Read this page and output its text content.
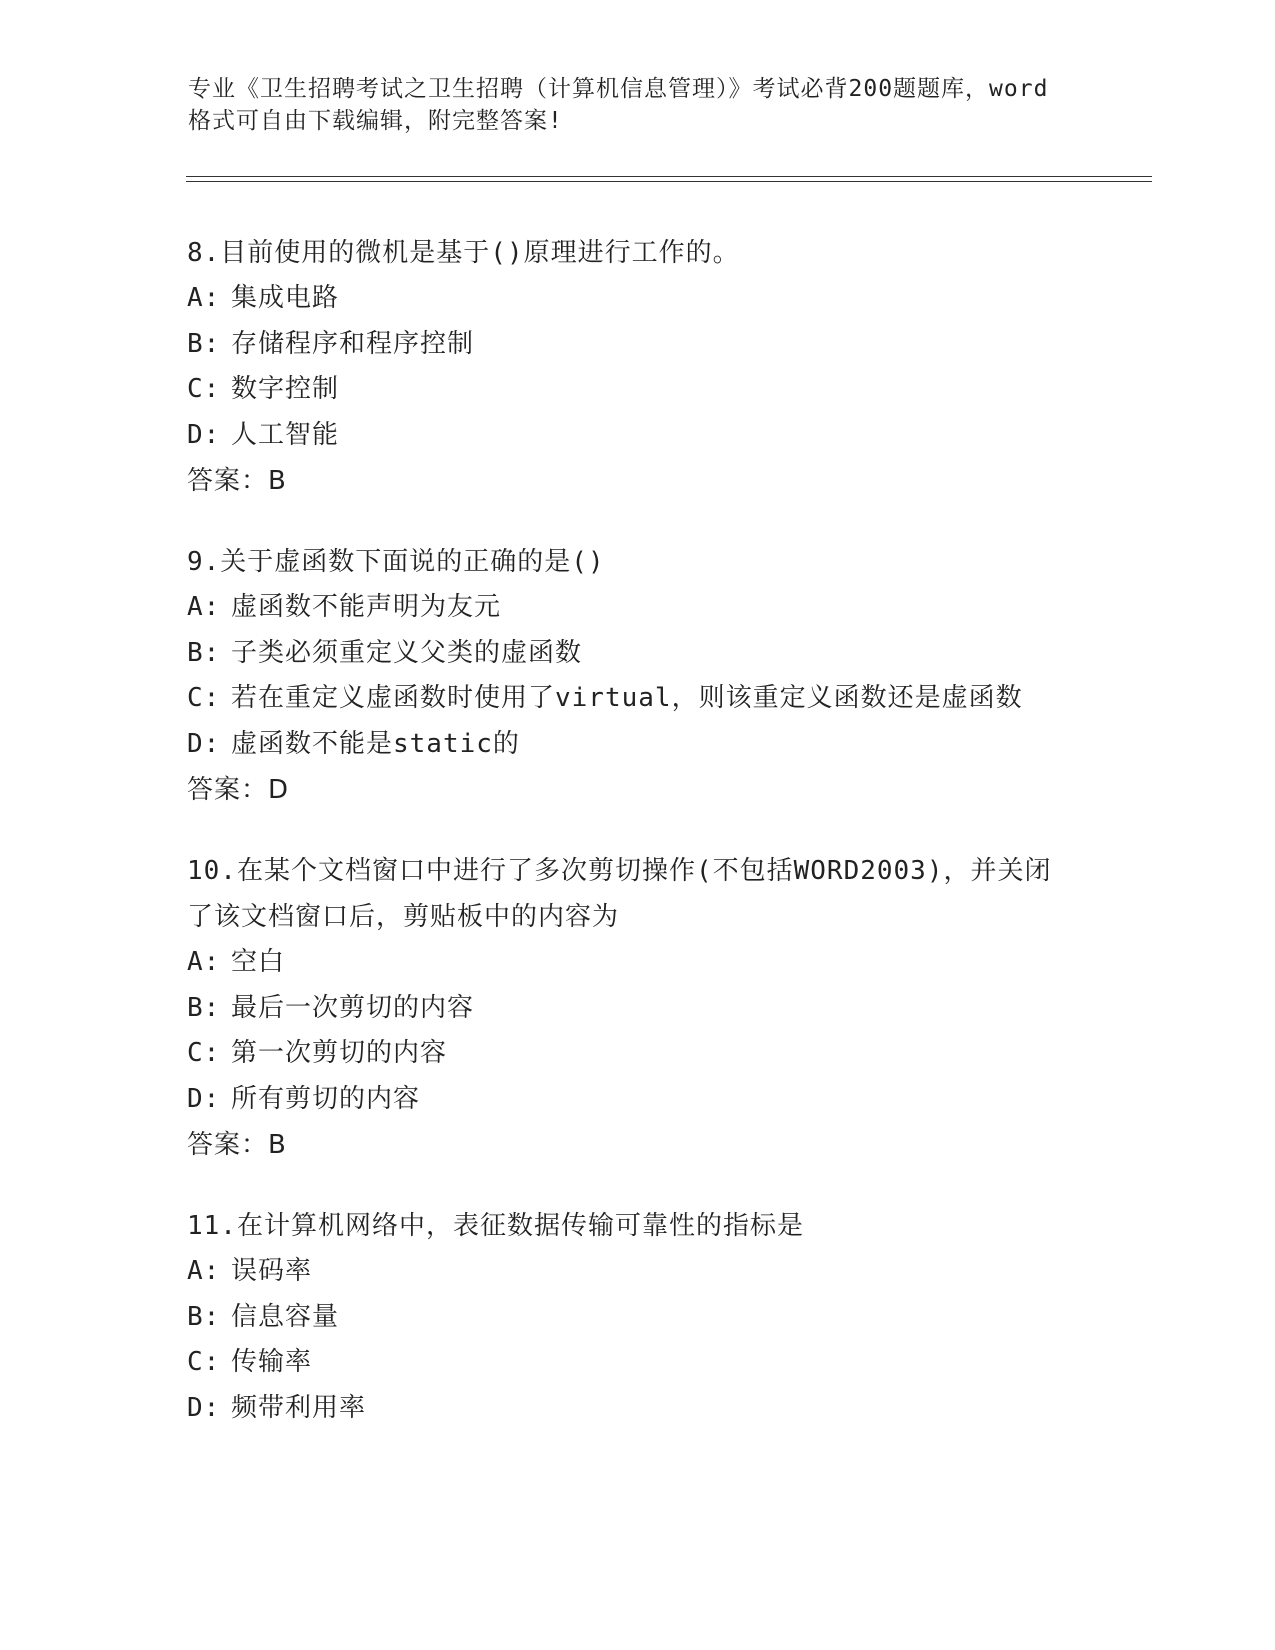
专业《卫生招聘考试之卫生招聘（计算机信息管理）》考试必背200题题库，word
格式可自由下载编辑，附完整答案!
8.目前使用的微机是基于()原理进行工作的。
A: 集成电路
B: 存储程序和程序控制
C: 数字控制
D: 人工智能
答案：B
9.关于虚函数下面说的正确的是()
A: 虚函数不能声明为友元
B: 子类必须重定义父类的虚函数
C: 若在重定义虚函数时使用了virtual，则该重定义函数还是虚函数
D: 虚函数不能是static的
答案：D
10.在某个文档窗口中进行了多次剪切操作(不包括WORD2003)，并关闭了该文档窗口后，剪贴板中的内容为
A: 空白
B: 最后一次剪切的内容
C: 第一次剪切的内容
D: 所有剪切的内容
答案：B
11.在计算机网络中，表征数据传输可靠性的指标是
A: 误码率
B: 信息容量
C: 传输率
D: 频带利用率
